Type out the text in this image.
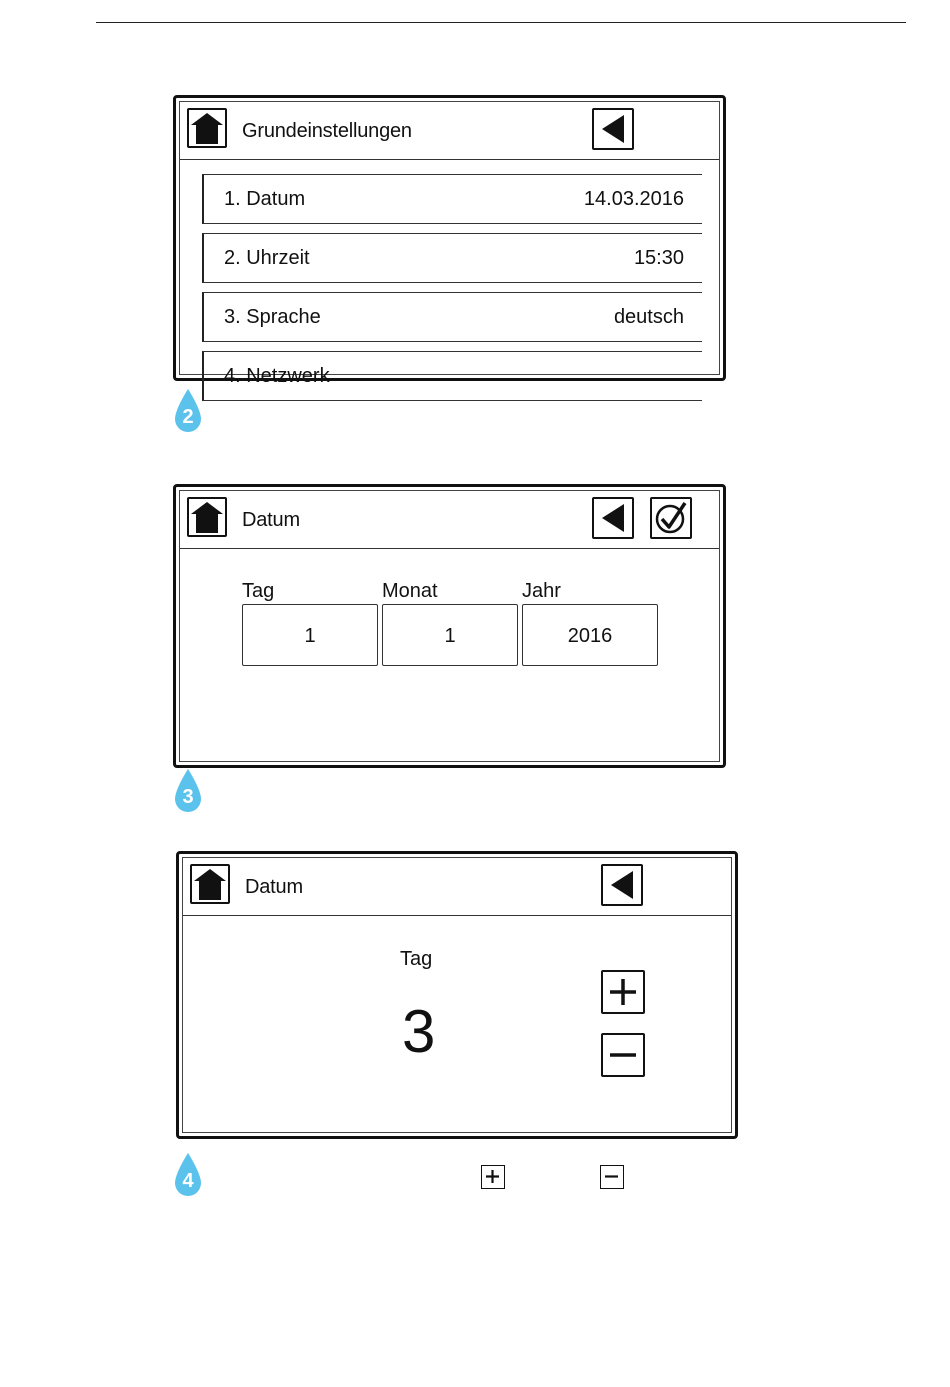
Grundeinstellungen
1. Datum	14.03.2016
2. Uhrzeit	15:30
3. Sprache	deutsch
4. Netzwerk
2
Datum
Tag	Monat	Jahr
1	1	2016
3
Datum
Tag
3
4
